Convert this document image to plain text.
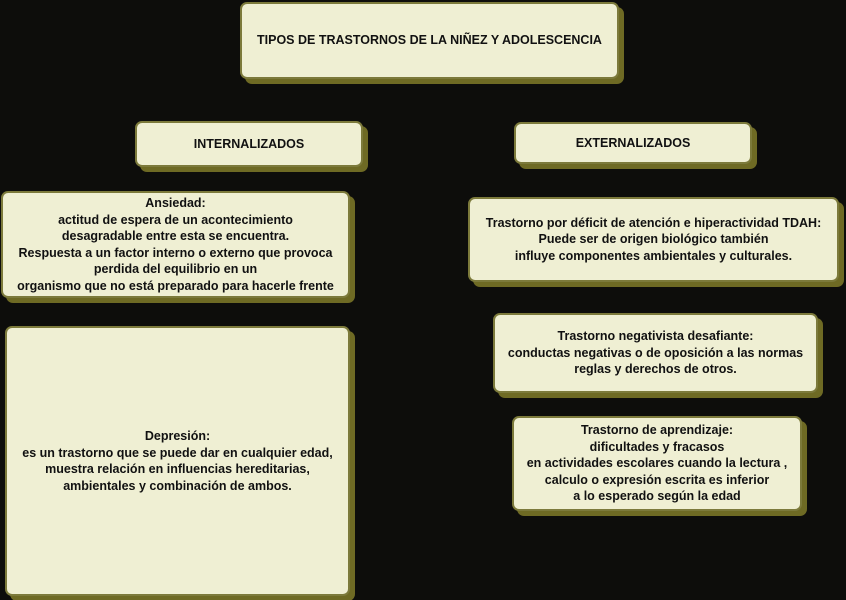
TIPOS DE TRASTORNOS DE LA NIÑEZ Y ADOLESCENCIA
INTERNALIZADOS	EXTERNALIZADOS
Ansiedad:
actitud de espera de un acontecimiento
desagradable entre esta se encuentra.
Respuesta a un factor interno o externo que provoca
perdida del equilibrio en un
organismo que no está preparado para hacerle frente
Depresión:
es un trastorno que se puede dar en cualquier edad,
muestra relación en influencias hereditarias,
ambientales y combinación de ambos.
Trastorno por déficit de atención e hiperactividad TDAH:
Puede ser de origen biológico también
influye componentes ambientales y culturales.
Trastorno negativista desafiante:
conductas negativas o de oposición a las normas
reglas y derechos de otros.
Trastorno de aprendizaje:
dificultades y fracasos
en actividades escolares cuando la lectura ,
calculo o expresión escrita es inferior
a lo esperado según la edad
